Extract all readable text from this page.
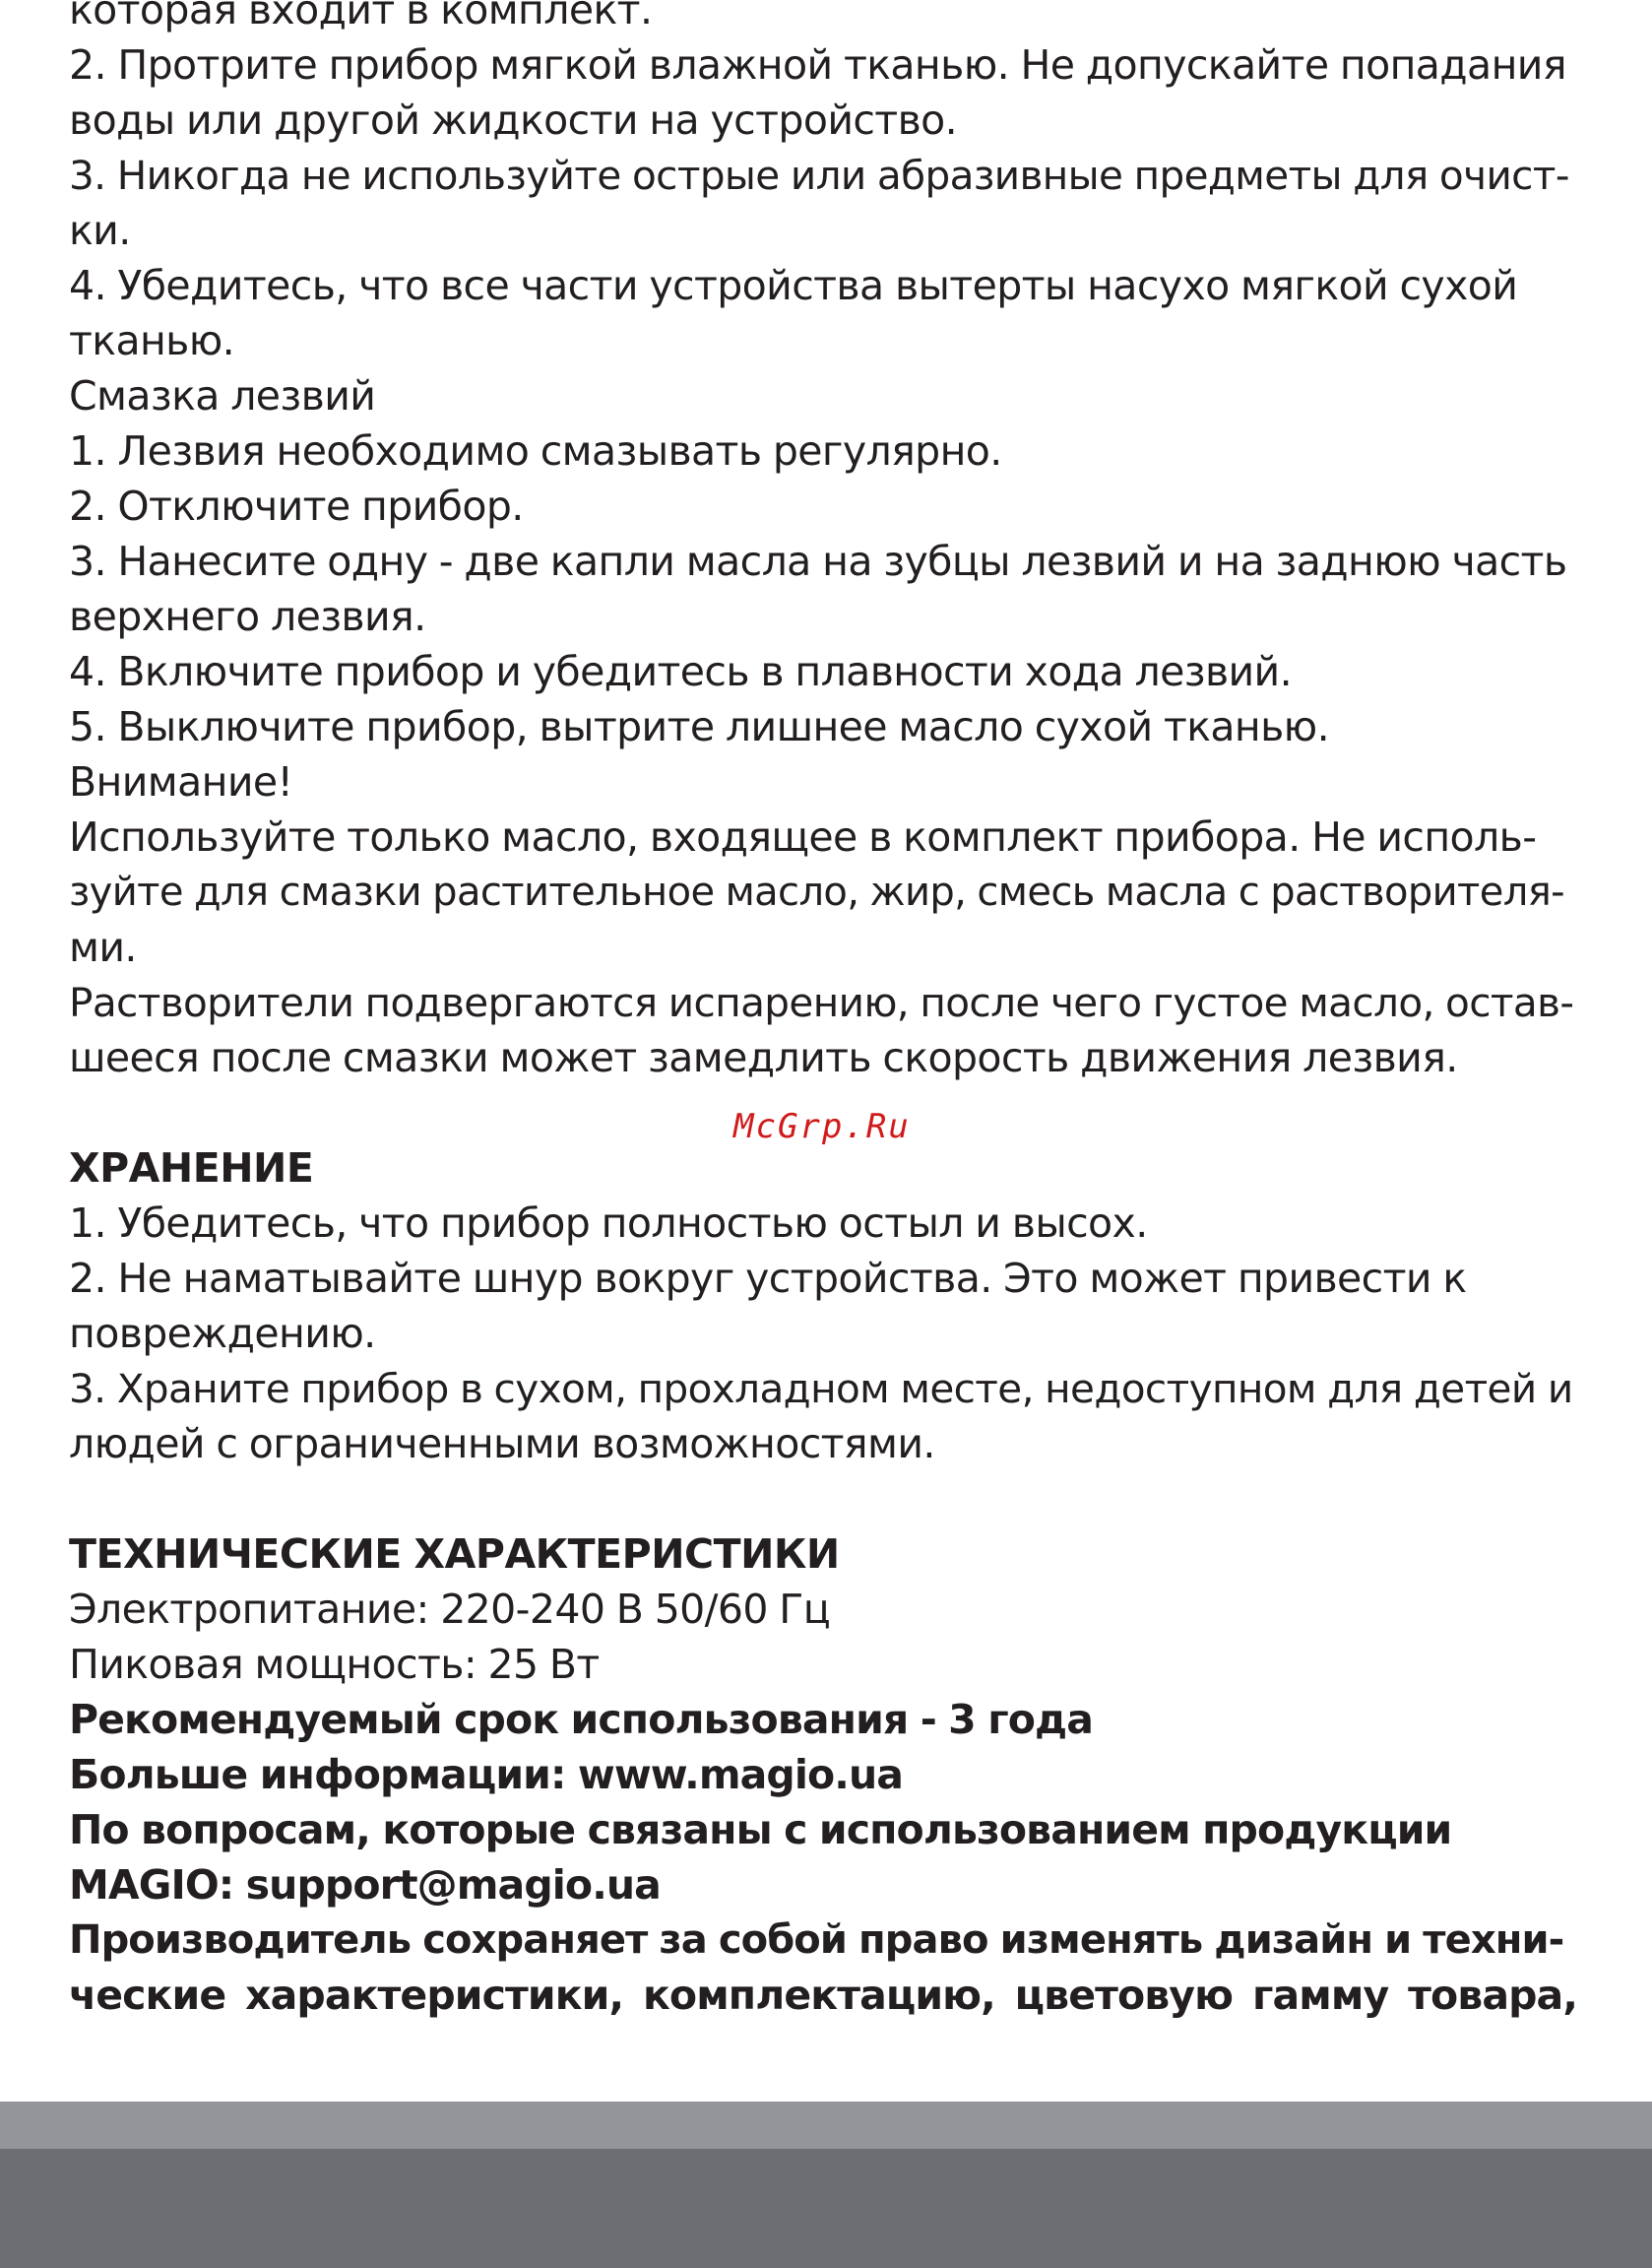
которая входит в комплект.
2. Протрите прибор мягкой влажной тканью. Не допускайте попадания
воды или другой жидкости на устройство.
3. Никогда не используйте острые или абразивные предметы для очист-
ки.
4. Убедитесь, что все части устройства вытерты насухо мягкой сухой
тканью.
Смазка лезвий
1. Лезвия необходимо смазывать регулярно.
2. Отключите прибор.
3. Нанесите одну - две капли масла на зубцы лезвий и на заднюю часть
верхнего лезвия.
4. Включите прибор и убедитесь в плавности хода лезвий.
5. Выключите прибор, вытрите лишнее масло сухой тканью.
Внимание!
Используйте только масло, входящее в комплект прибора. Не исполь-
зуйте для смазки растительное масло, жир, смесь масла с растворителя-
ми.
Растворители подвергаются испарению, после чего густое масло, остав-
шееся после смазки может замедлить скорость движения лезвия.
ХРАНЕНИЕ
1. Убедитесь, что прибор полностью остыл и высох.
2. Не наматывайте шнур вокруг устройства. Это может привести к
повреждению.
3. Храните прибор в сухом, прохладном месте, недоступном для детей и
людей с ограниченными возможностями.
ТЕХНИЧЕСКИЕ ХАРАКТЕРИСТИКИ
Электропитание: 220-240 В 50/60 Гц
Пиковая мощность: 25 Вт
Рекомендуемый срок использования - 3 года
Больше информации: www.magio.ua
По вопросам, которые связаны с использованием продукции
MAGIO: support@magio.ua
Производитель сохраняет за собой право изменять дизайн и техни-
ческие характеристики, комплектацию, цветовую гамму товара,
McGrp.Ru
